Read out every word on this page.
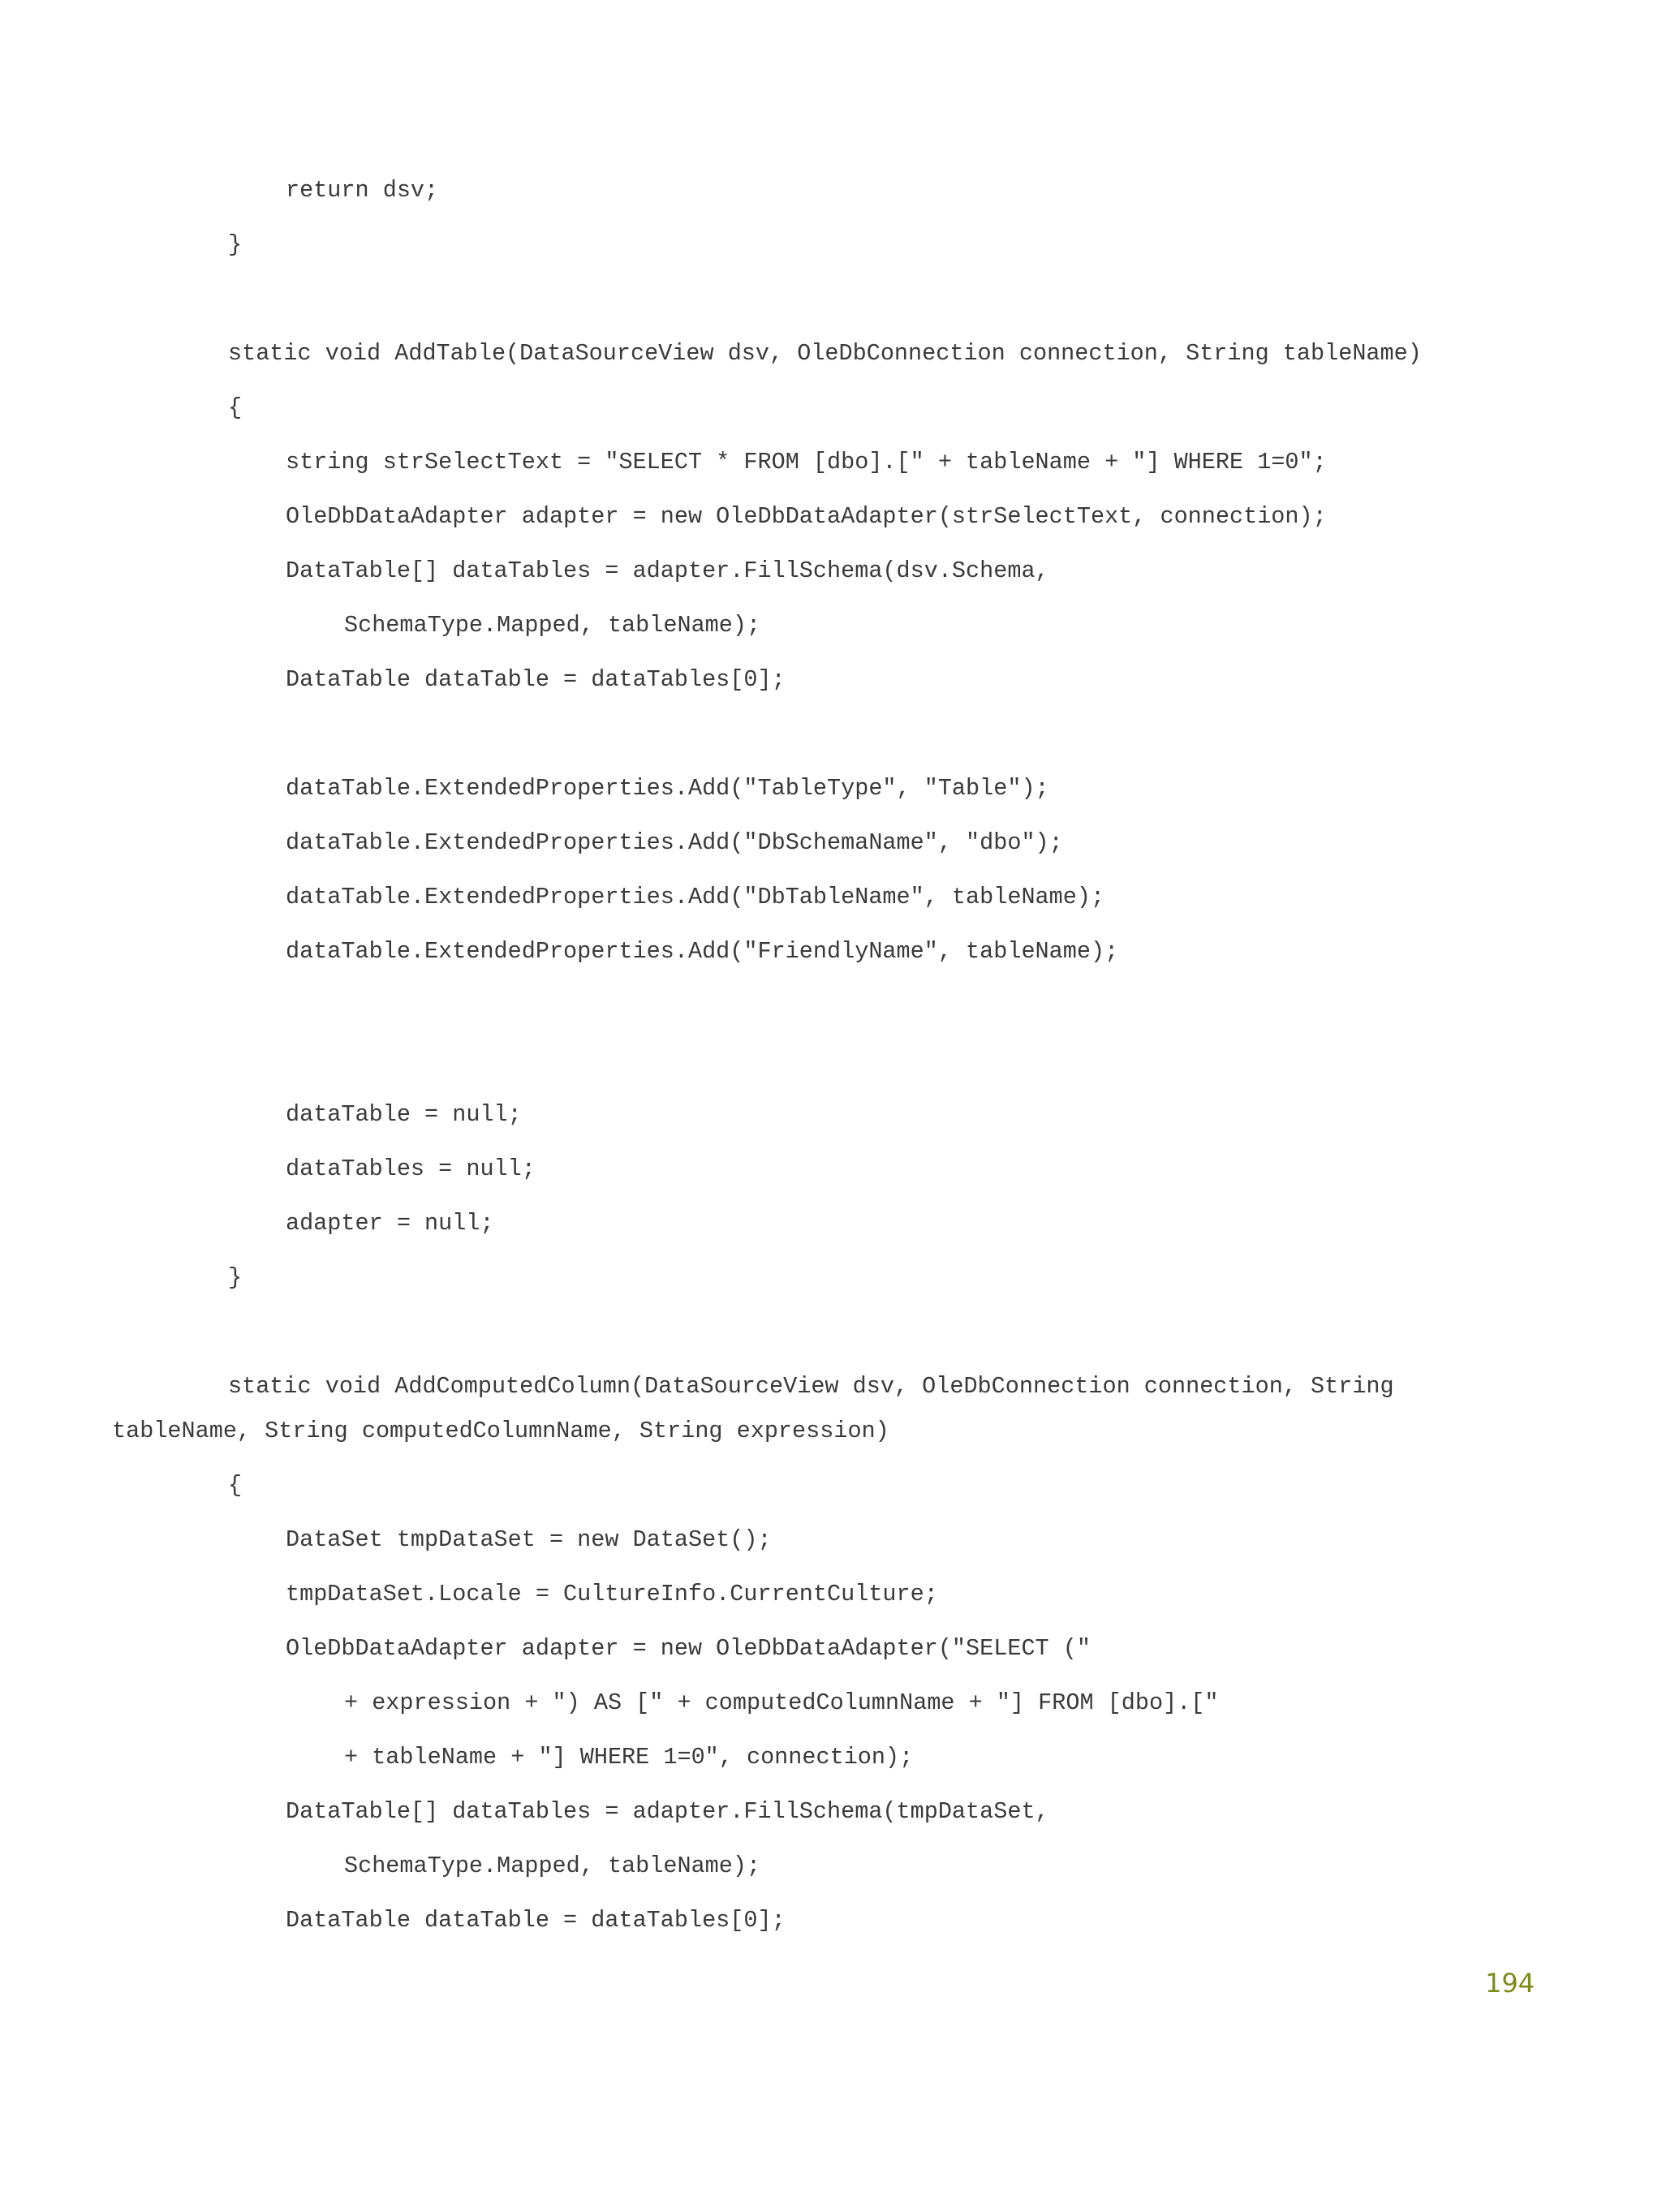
return dsv;
}
static void AddTable(DataSourceView dsv, OleDbConnection connection, String tableName)
{
string strSelectText = "SELECT * FROM [dbo].[" + tableName + "] WHERE 1=0";
OleDbDataAdapter adapter = new OleDbDataAdapter(strSelectText, connection);
DataTable[] dataTables = adapter.FillSchema(dsv.Schema,
SchemaType.Mapped, tableName);
DataTable dataTable = dataTables[0];
dataTable.ExtendedProperties.Add("TableType", "Table");
dataTable.ExtendedProperties.Add("DbSchemaName", "dbo");
dataTable.ExtendedProperties.Add("DbTableName", tableName);
dataTable.ExtendedProperties.Add("FriendlyName", tableName);
dataTable = null;
dataTables = null;
adapter = null;
}
static void AddComputedColumn(DataSourceView dsv, OleDbConnection connection, String
tableName, String computedColumnName, String expression)
{
DataSet tmpDataSet = new DataSet();
tmpDataSet.Locale = CultureInfo.CurrentCulture;
OleDbDataAdapter adapter = new OleDbDataAdapter("SELECT ("
+ expression + ") AS [" + computedColumnName + "] FROM [dbo].["
+ tableName + "] WHERE 1=0", connection);
DataTable[] dataTables = adapter.FillSchema(tmpDataSet,
SchemaType.Mapped, tableName);
DataTable dataTable = dataTables[0];
194
